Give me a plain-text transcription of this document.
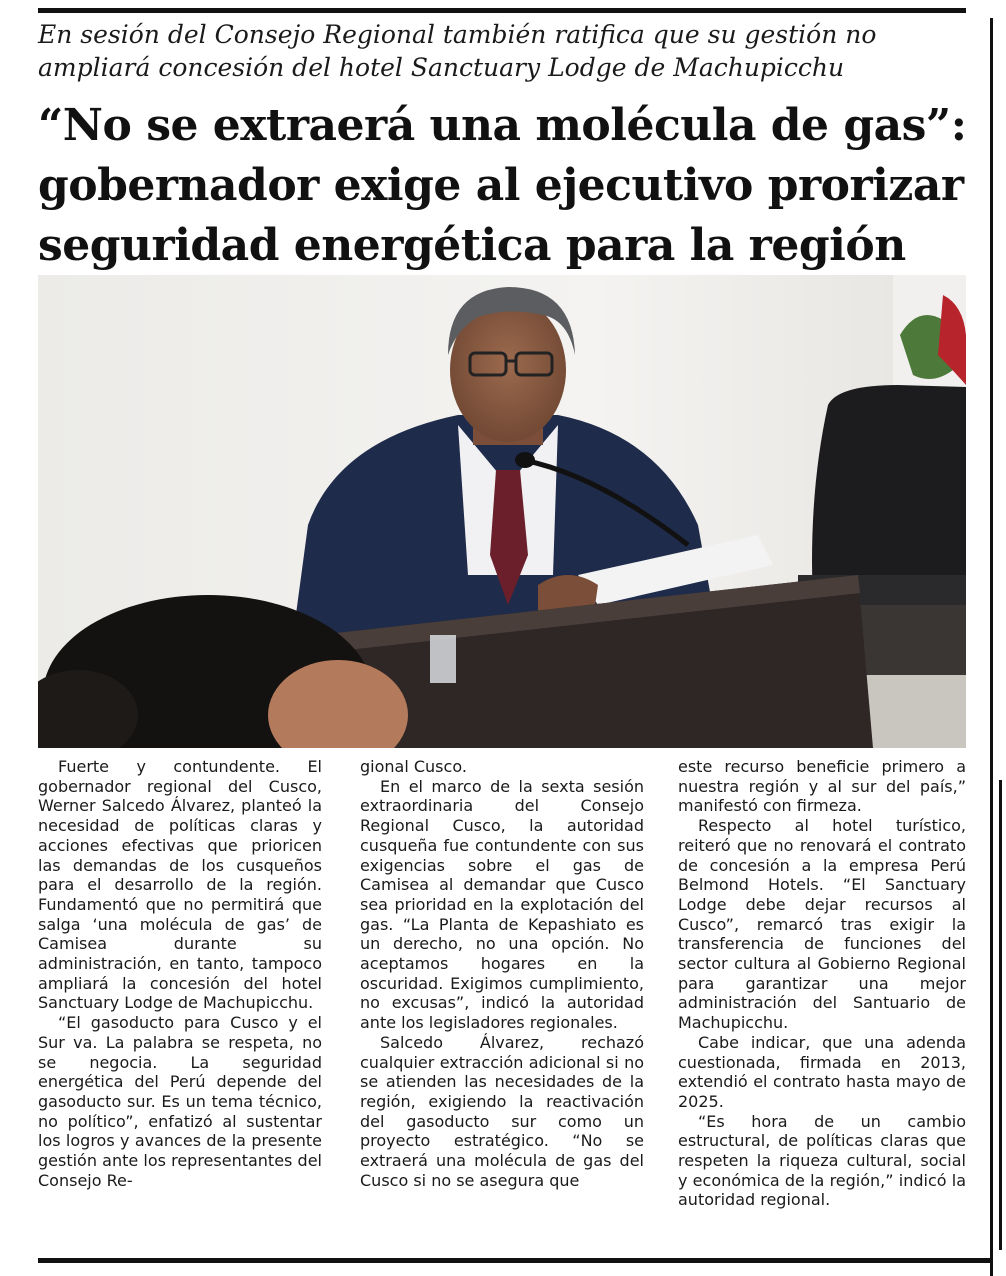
En sesión del Consejo Regional también ratifica que su gestión no
ampliará concesión del hotel Sanctuary Lodge de Machupicchu
“No se extraerá una molécula de gas”:
gobernador exige al ejecutivo prorizar
seguridad energética para la región

Fuerte y contundente. El gobernador regional del Cusco, Werner Salcedo Álvarez, planteó la necesidad de políticas claras y acciones efectivas que prioricen las demandas de los cusqueños para el desarrollo de la región. Fundamentó que no permitirá que salga ‘una molécula de gas’ de Camisea durante su administración, en tanto, tampoco ampliará la concesión del hotel Sanctuary Lodge de Machupicchu.

“El gasoducto para Cusco y el Sur va. La palabra se respeta, no se negocia. La seguridad energética del Perú depende del gasoducto sur. Es un tema técnico, no político”, enfatizó al sustentar los logros y avances de la presente gestión ante los representantes del Consejo Re-

gional Cusco.

En el marco de la sexta sesión extraordinaria del Consejo Regional Cusco, la autoridad cusqueña fue contundente con sus exigencias sobre el gas de Camisea al demandar que Cusco sea prioridad en la explotación del gas. “La Planta de Kepashiato es un derecho, no una opción. No aceptamos hogares en la oscuridad. Exigimos cumplimiento, no excusas”, indicó la autoridad ante los legisladores regionales.

Salcedo Álvarez, rechazó cualquier extracción adicional si no se atienden las necesidades de la región, exigiendo la reactivación del gasoducto sur como un proyecto estratégico. “No se extraerá una molécula de gas del Cusco si no se asegura que

este recurso beneficie primero a nuestra región y al sur del país,” manifestó con firmeza.

Respecto al hotel turístico, reiteró que no renovará el contrato de concesión a la empresa Perú Belmond Hotels. “El Sanctuary Lodge debe dejar recursos al Cusco”, remarcó tras exigir la transferencia de funciones del sector cultura al Gobierno Regional para garantizar una mejor administración del Santuario de Machupicchu.

Cabe indicar, que una adenda cuestionada, firmada en 2013, extendió el contrato hasta mayo de 2025.

“Es hora de un cambio estructural, de políticas claras que respeten la riqueza cultural, social y económica de la región,” indicó la autoridad regional.
